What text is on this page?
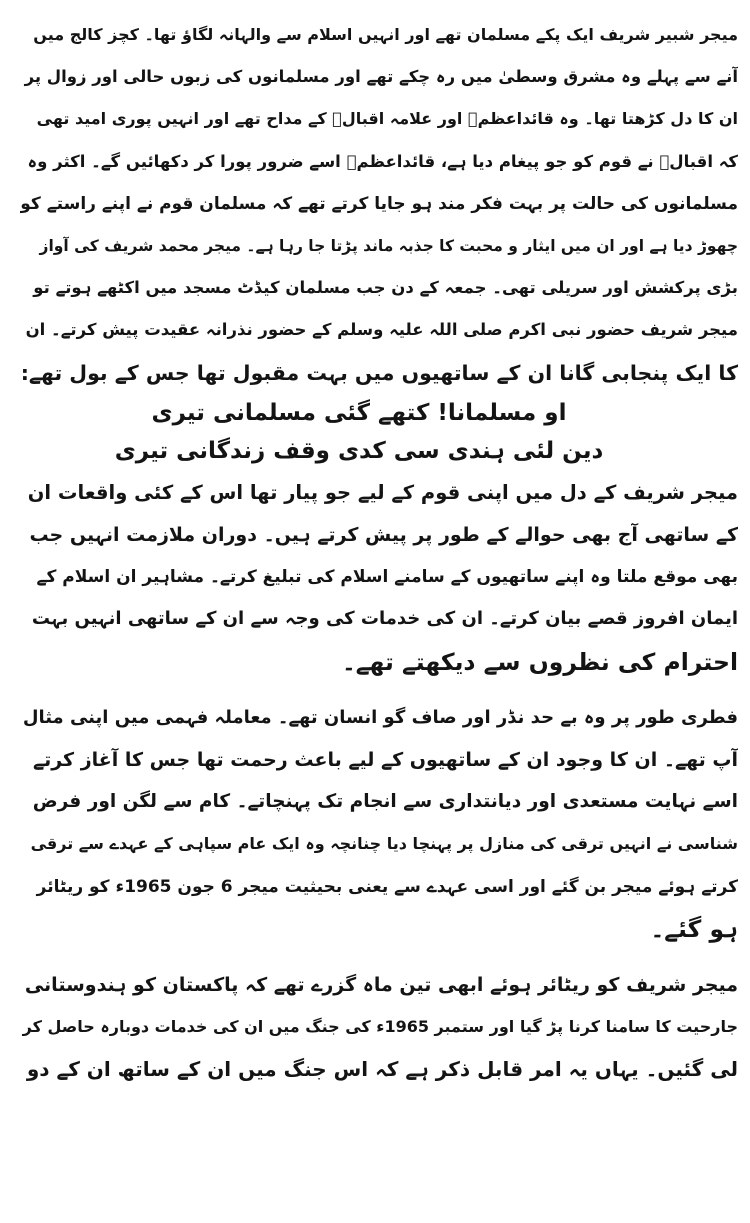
میجر شبیر شریف ایک پکے مسلمان تھے اور انہیں اسلام سے والہانہ لگاؤ تھا۔ کچز کالج میں
آنے سے پہلے وہ مشرق وسطیٰ میں رہ چکے تھے اور مسلمانوں کی زبوں حالی اور زوال پر
ان کا دل کڑھتا تھا۔ وہ قائداعظمؒ اور علامہ اقبالؒ کے مداح تھے اور انہیں پوری امید تھی
کہ اقبالؒ نے قوم کو جو پیغام دیا ہے، قائداعظمؒ اسے ضرور پورا کر دکھائیں گے۔ اکثر وہ
مسلمانوں کی حالت پر بہت فکر مند ہو جایا کرتے تھے کہ مسلمان قوم نے اپنے راستے کو
چھوڑ دیا ہے اور ان میں ایثار و محبت کا جذبہ ماند پڑتا جا رہا ہے۔ میجر محمد شریف کی آواز
بڑی پرکشش اور سریلی تھی۔ جمعہ کے دن جب مسلمان کیڈٹ مسجد میں اکٹھے ہوتے تو
میجر شریف حضور نبی اکرم صلی اللہ علیہ وسلم کے حضور نذرانہ عقیدت پیش کرتے۔ ان
کا ایک پنجابی گانا ان کے ساتھیوں میں بہت مقبول تھا جس کے بول تھے:

او مسلمانا! کتھے گئی مسلمانی تیری

دین لئی ہندی سی کدی وقف زندگانی تیری

میجر شریف کے دل میں اپنی قوم کے لیے جو پیار تھا اس کے کئی واقعات ان
کے ساتھی آج بھی حوالے کے طور پر پیش کرتے ہیں۔ دوران ملازمت انہیں جب
بھی موقع ملتا وہ اپنے ساتھیوں کے سامنے اسلام کی تبلیغ کرتے۔ مشاہیر ان اسلام کے
ایمان افروز قصے بیان کرتے۔ ان کی خدمات کی وجہ سے ان کے ساتھی انہیں بہت
احترام کی نظروں سے دیکھتے تھے۔

فطری طور پر وہ بے حد نڈر اور صاف گو انسان تھے۔ معاملہ فہمی میں اپنی مثال
آپ تھے۔ ان کا وجود ان کے ساتھیوں کے لیے باعث رحمت تھا جس کا آغاز کرتے
اسے نہایت مستعدی اور دیانتداری سے انجام تک پہنچاتے۔ کام سے لگن اور فرض
شناسی نے انہیں ترقی کی منازل پر پہنچا دیا چنانچہ وہ ایک عام سپاہی کے عہدے سے ترقی
کرتے ہوئے میجر بن گئے اور اسی عہدے سے یعنی بحیثیت میجر 6 جون 1965ء کو ریٹائر
ہو گئے۔

میجر شریف کو ریٹائر ہوئے ابھی تین ماہ گزرے تھے کہ پاکستان کو ہندوستانی
جارحیت کا سامنا کرنا پڑ گیا اور ستمبر 1965ء کی جنگ میں ان کی خدمات دوبارہ حاصل کر
لی گئیں۔ یہاں یہ امر قابل ذکر ہے کہ اس جنگ میں ان کے ساتھ ان کے دو
